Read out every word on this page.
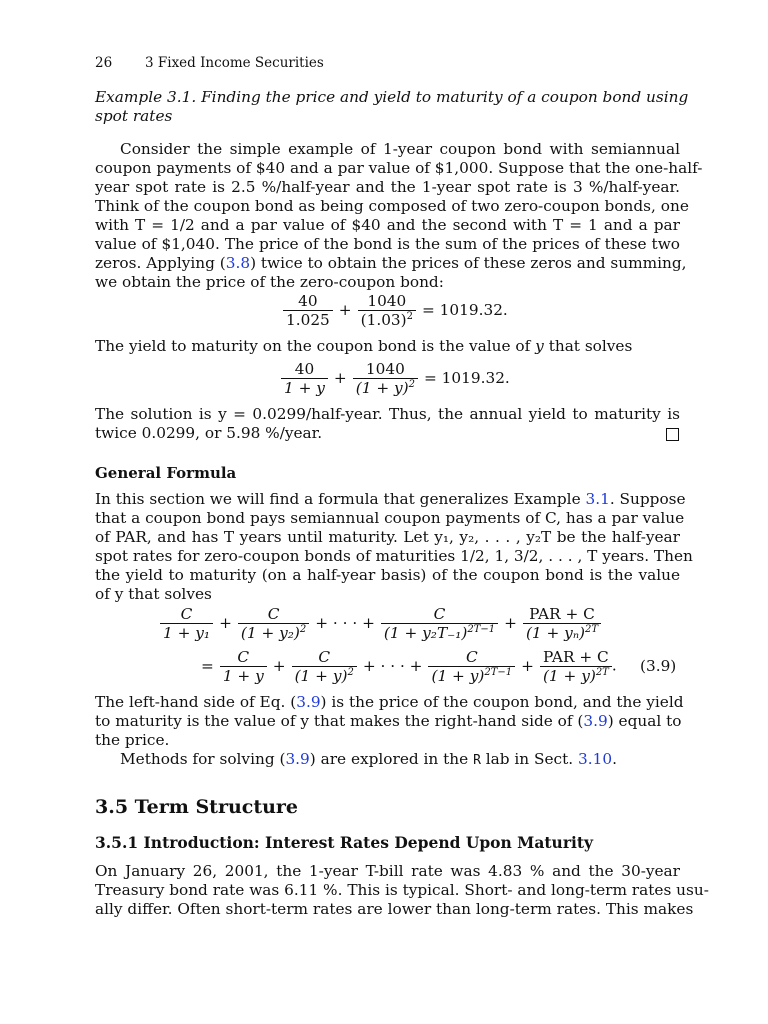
26 3 Fixed Income Securities
Example 3.1. Finding the price and yield to maturity of a coupon bond using
spot rates
Consider the simple example of 1-year coupon bond with semiannual
coupon payments of $40 and a par value of $1,000. Suppose that the one-half-
year spot rate is 2.5 %/half-year and the 1-year spot rate is 3 %/half-year.
Think of the coupon bond as being composed of two zero-coupon bonds, one
with T = 1/2 and a par value of $40 and the second with T = 1 and a par
value of $1,040. The price of the bond is the sum of the prices of these two
zeros. Applying (3.8) twice to obtain the prices of these zeros and summing,
we obtain the price of the zero-coupon bond:
$\frac{40}{1.025} + \frac{1040}{(1.03)^2} = 1019.32$.
The yield to maturity on the coupon bond is the value of y that solves
$\frac{40}{1 + y} + \frac{1040}{(1 + y)^2} = 1019.32$.
The solution is y = 0.0299/half-year. Thus, the annual yield to maturity is
twice 0.0299, or 5.98 %/year.
General Formula
In this section we will find a formula that generalizes Example 3.1. Suppose
that a coupon bond pays semiannual coupon payments of C, has a par value
of PAR, and has T years until maturity. Let y₁, y₂, . . . , y₂T be the half-year
spot rates for zero-coupon bonds of maturities 1/2, 1, 3/2, . . . , T years. Then
the yield to maturity (on a half-year basis) of the coupon bond is the value
of y that solves
$\frac{C}{\text{1 + y₁}} + \frac{C}{(1 + y_2)^2}$ + · · · + $\frac{C}{(1 + y_2T_{-1})^{2T-1}} + \frac{\text{PAR + C}}{(1 + y_n)^{2T}}$
= $\frac{C}{1 + y} + \frac{C}{(1 + y)^2}$ + · · · + $\frac{C}{(1 + y)^{2T-1}} + \frac{\text{PAR + C}}{(1 + y)^{2T}}$ . (3.9)
The left-hand side of Eq. (3.9) is the price of the coupon bond, and the yield
to maturity is the value of y that makes the right-hand side of (3.9) equal to
the price.
Methods for solving (3.9) are explored in the R lab in Sect. 3.10.
3.5 Term Structure
3.5.1 Introduction: Interest Rates Depend Upon Maturity
On January 26, 2001, the 1-year T-bill rate was 4.83 % and the 30-year
Treasury bond rate was 6.11 %. This is typical. Short- and long-term rates usu-
ally differ. Often short-term rates are lower than long-term rates. This makes
